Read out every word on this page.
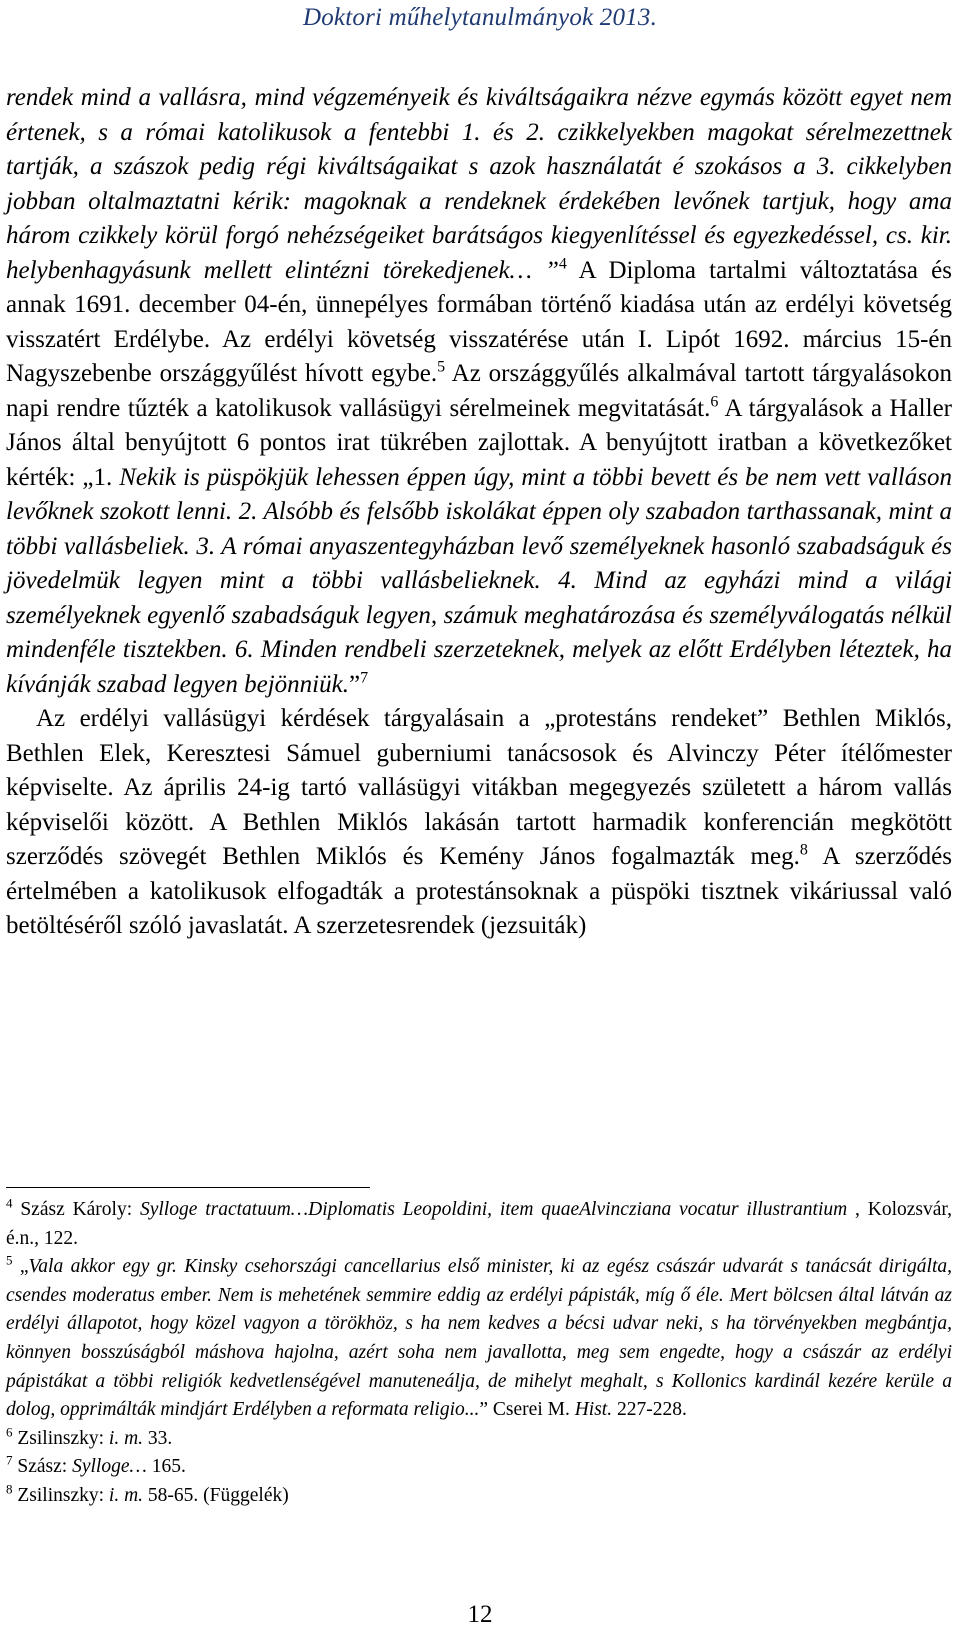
Doktori műhelytanulmányok 2013.

rendek mind a vallásra, mind végzeményeik és kiváltságaikra nézve egymás között egyet nem értenek, s a római katolikusok a fentebbi 1. és 2. czikkelyekben magokat sérelmezettnek tartják, a szászok pedig régi kiváltságaikat s azok használatát é szokásos a 3. cikkelyben jobban oltalmaztatni kérik: magoknak a rendeknek érdekében levőnek tartjuk, hogy ama három czikkely körül forgó nehézségeiket barátságos kiegyenlítéssel és egyezkedéssel, cs. kir. helybenhagyásunk mellett elintézni törekedjenek… ”$^4$ A Diploma tartalmi változtatása és annak 1691. december 04-én, ünnepélyes formában történő kiadása után az erdélyi követség visszatért Erdélybe. Az erdélyi követség visszatérése után I. Lipót 1692. március 15-én Nagyszebenbe országgyűlést hívott egybe.$^5$ Az országgyűlés alkalmával tartott tárgyalásokon napi rendre tűzték a katolikusok vallásügyi sérelmeinek megvitatását.$^6$ A tárgyalások a Haller János által benyújtott 6 pontos irat tükrében zajlottak. A benyújtott iratban a következőket kérték: „1. Nekik is püspökjük lehessen éppen úgy, mint a többi bevett és be nem vett valláson levőknek szokott lenni. 2. Alsóbb és felsőbb iskolákat éppen oly szabadon tarthassanak, mint a többi vallásbeliek. 3. A római anyaszentegyházban levő személyeknek hasonló szabadságuk és jövedelmük legyen mint a többi vallásbelieknek. 4. Mind az egyházi mind a világi személyeknek egyenlő szabadságuk legyen, számuk meghatározása és személyválogatás nélkül mindenféle tisztekben. 6. Minden rendbeli szerzeteknek, melyek az előtt Erdélyben léteztek, ha kívánják szabad legyen bejönniük.”$^7$

Az erdélyi vallásügyi kérdések tárgyalásain a „protestáns rendeket” Bethlen Miklós, Bethlen Elek, Keresztesi Sámuel guberniumi tanácsosok és Alvinczy Péter ítélőmester képviselte. Az április 24-ig tartó vallásügyi vitákban megegyezés született a három vallás képviselői között. A Bethlen Miklós lakásán tartott harmadik konferencián megkötött szerződés szövegét Bethlen Miklós és Kemény János fogalmazták meg.$^8$ A szerződés értelmében a katolikusok elfogadták a protestánsoknak a püspöki tisztnek vikáriussal való betöltéséről szóló javaslatát. A szerzetesrendek (jezsuiták)

$^4$ Szász Károly: Sylloge tractatuum…Diplomatis Leopoldini, item quaeAlvincziana vocatur illustrantium , Kolozsvár, é.n., 122.

$^5$ „Vala akkor egy gr. Kinsky csehországi cancellarius első minister, ki az egész császár udvarát s tanácsát dirigálta, csendes moderatus ember. Nem is mehetének semmire eddig az erdélyi pápisták, míg ő éle. Mert bölcsen által látván az erdélyi állapotot, hogy közel vagyon a törökhöz, s ha nem kedves a bécsi udvar neki, s ha törvényekben megbántja, könnyen bosszúságból máshova hajolna, azért soha nem javallotta, meg sem engedte, hogy a császár az erdélyi pápistákat a többi religiók kedvetlenségével manuteneálja, de mihelyt meghalt, s Kollonics kardinál kezére kerüle a dolog, opprimálták mindjárt Erdélyben a reformata religio...” Cserei M. Hist. 227-228.

$^6$ Zsilinszky: i. m. 33.

$^7$ Szász: Sylloge… 165.

$^8$ Zsilinszky: i. m. 58-65. (Függelék)

12
